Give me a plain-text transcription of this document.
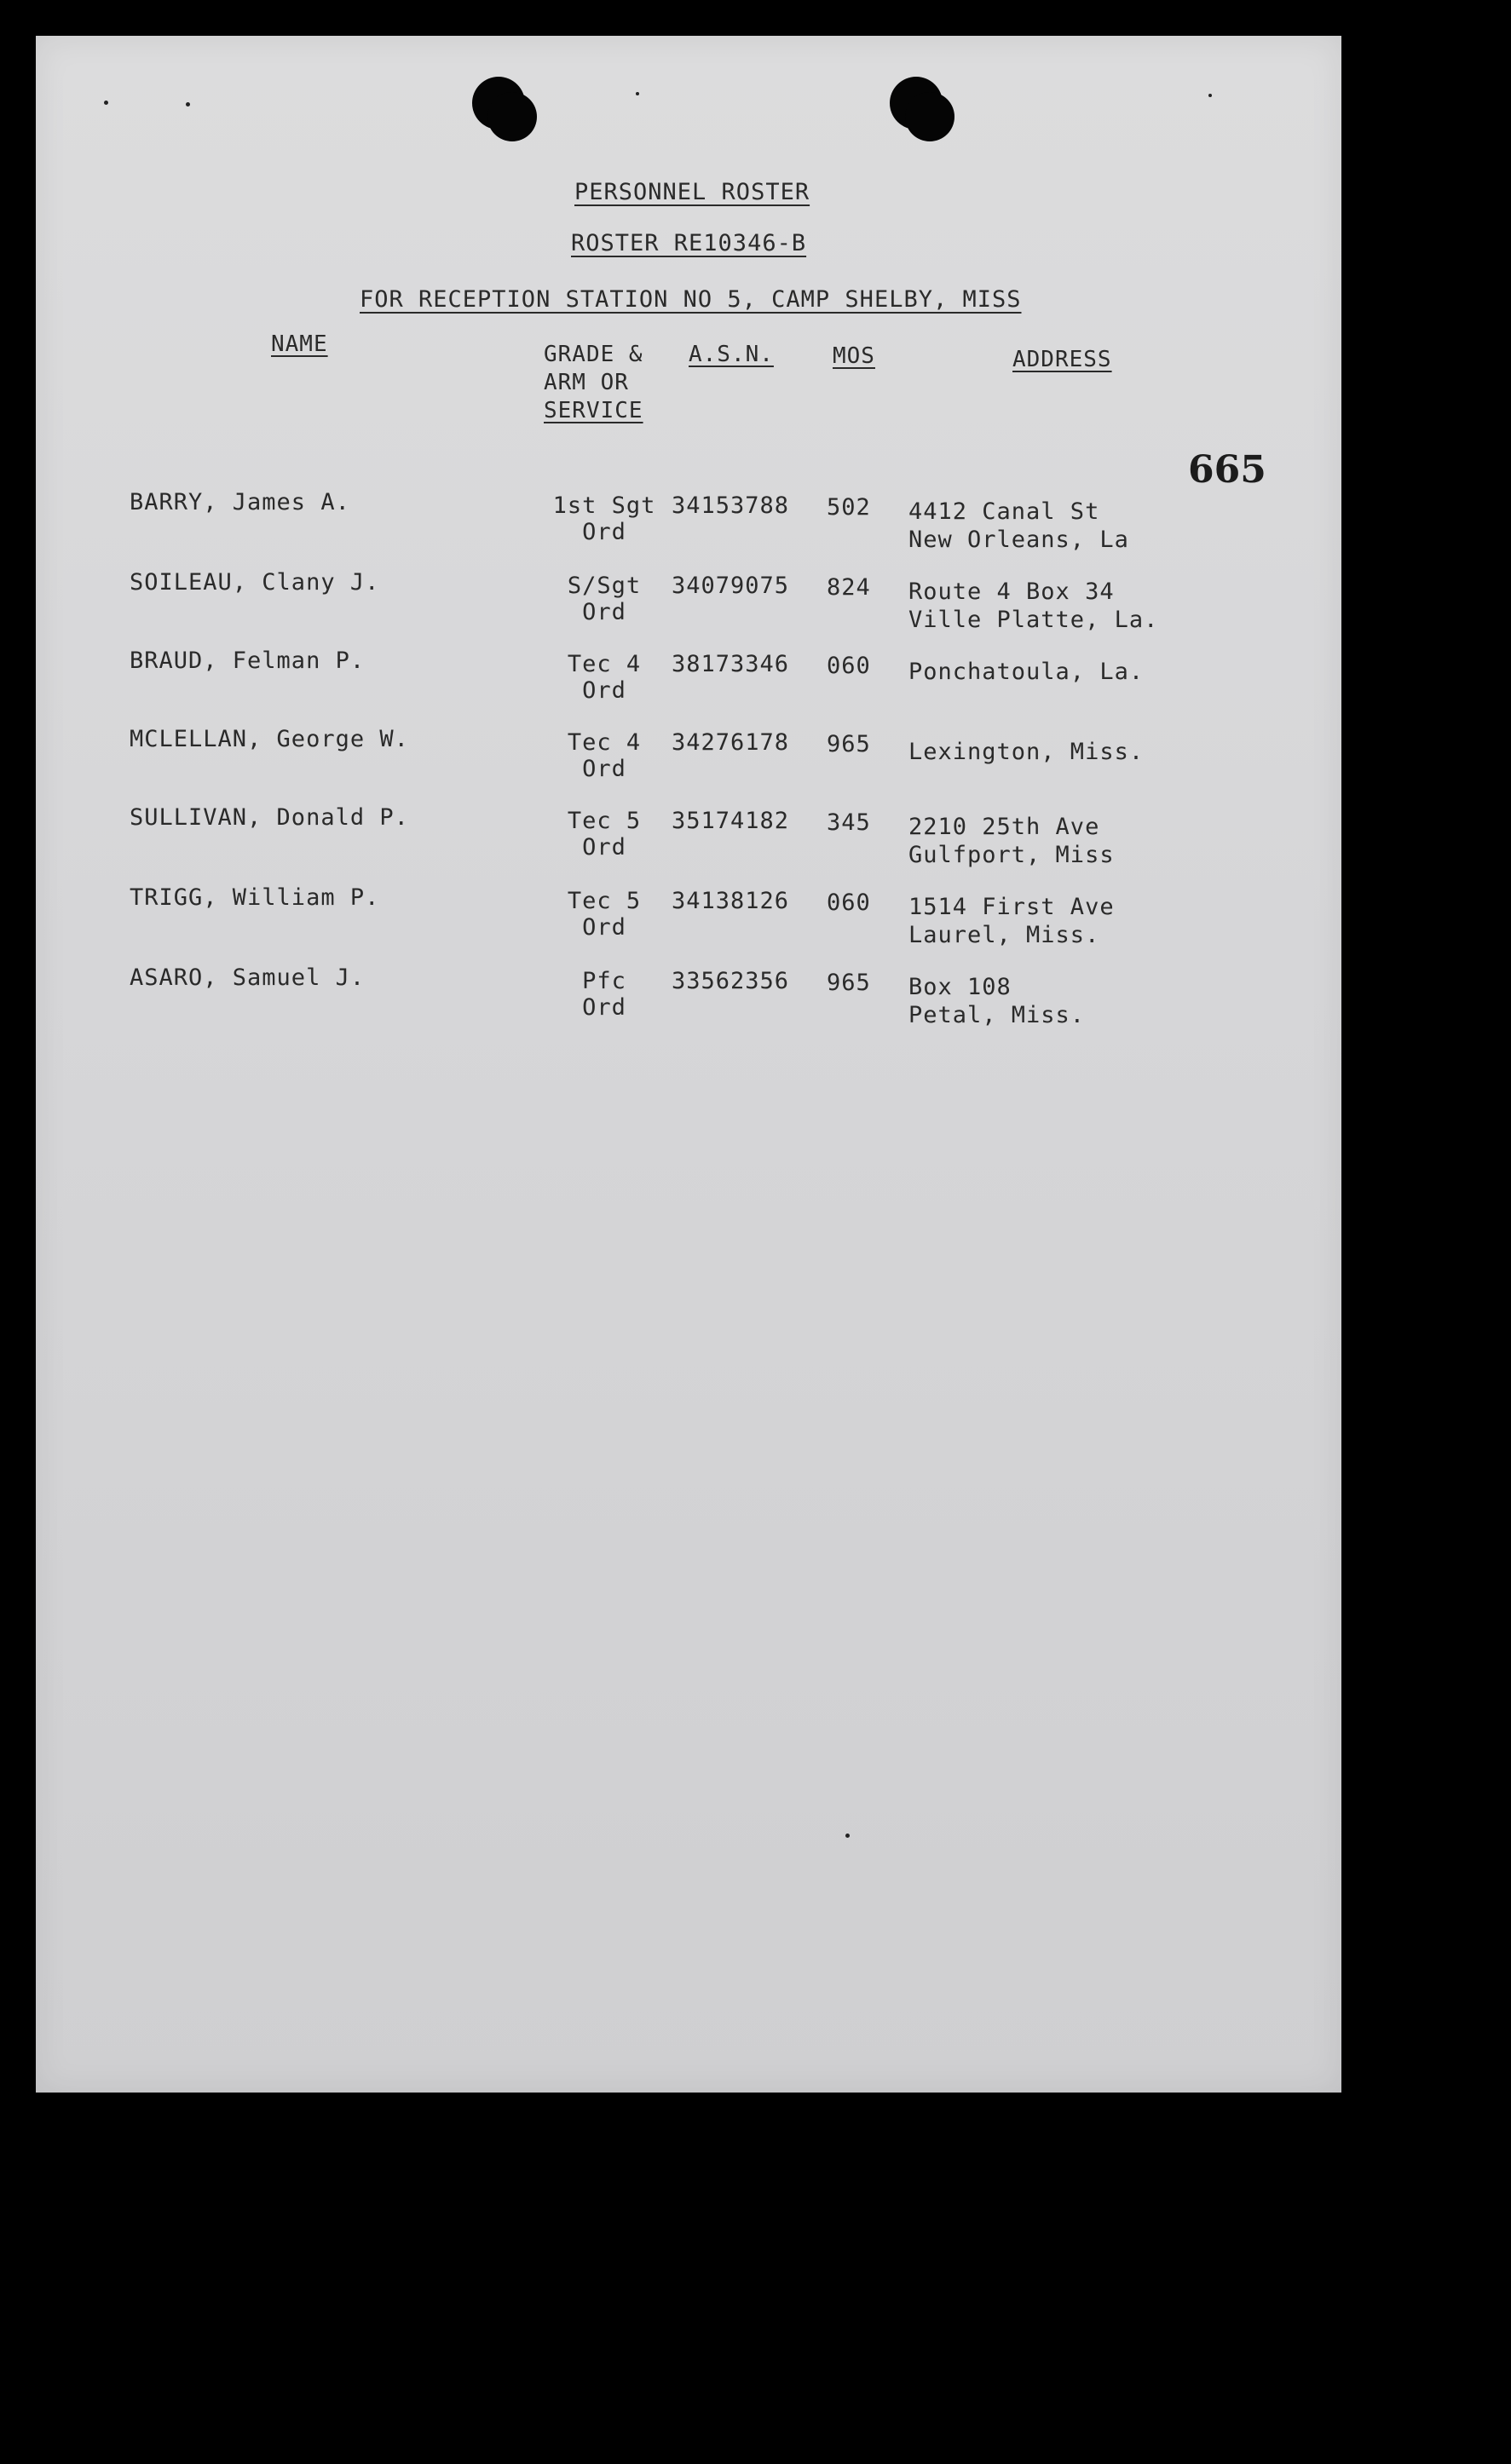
PERSONNEL ROSTER
ROSTER RE10346-B
FOR RECEPTION STATION NO 5, CAMP SHELBY, MISS
NAME	GRADE &
ARM OR
SERVICE
A.S.N.	MOS	ADDRESS
665
BARRY, James A.	1st Sgt
Ord
34153788 502 4412 Canal St
New Orleans, La
SOILEAU, Clany J.	S/Sgt
Ord
34079075 824 Route 4 Box 34
Ville Platte, La.
BRAUD, Felman P.	Tec 4
Ord
38173346 060 Ponchatoula, La.
MCLELLAN, George W.	Tec 4
Ord
34276178 965 Lexington, Miss.
SULLIVAN, Donald P.	Tec 5
Ord
35174182 345 2210 25th Ave
Gulfport, Miss
TRIGG, William P.	Tec 5
Ord
34138126 060 1514 First Ave
Laurel, Miss.
ASARO, Samuel J.	Pfc
Ord
33562356 965 Box 108
Petal, Miss.
